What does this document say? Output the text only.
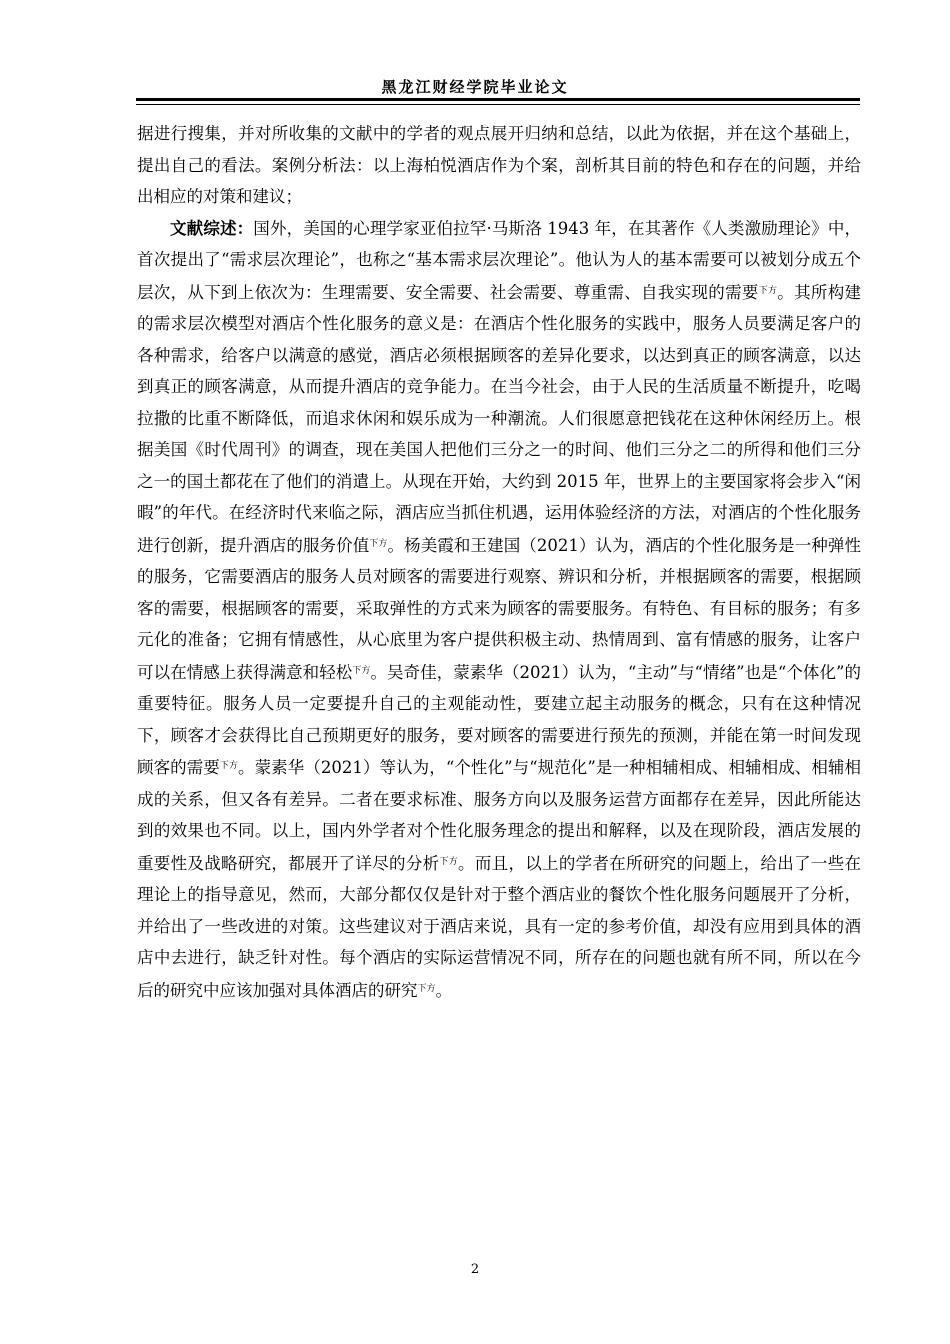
黑龙江财经学院毕业论文

据进行搜集，并对所收集的文献中的学者的观点展开归纳和总结，以此为依据，并在这个基础上，提出自己的看法。案例分析法：以上海柏悦酒店作为个案，剖析其目前的特色和存在的问题，并给出相应的对策和建议；

文献综述：国外，美国的心理学家亚伯拉罕·马斯洛 1943 年，在其著作《人类激励理论》中，首次提出了“需求层次理论”，也称之“基本需求层次理论”。他认为人的基本需要可以被划分成五个层次，从下到上依次为：生理需要、安全需要、社会需要、尊重需、自我实现的需要$^{下方}$。其所构建的需求层次模型对酒店个性化服务的意义是：在酒店个性化服务的实践中，服务人员要满足客户的各种需求，给客户以满意的感觉，酒店必须根据顾客的差异化要求，以达到真正的顾客满意，以达到真正的顾客满意，从而提升酒店的竞争能力。在当今社会，由于人民的生活质量不断提升，吃喝拉撒的比重不断降低，而追求休闲和娱乐成为一种潮流。人们很愿意把钱花在这种休闲经历上。根据美国《时代周刊》的调查，现在美国人把他们三分之一的时间、他们三分之二的所得和他们三分之一的国土都花在了他们的消遣上。从现在开始，大约到 2015 年，世界上的主要国家将会步入“闲暇”的年代。在经济时代来临之际，酒店应当抓住机遇，运用体验经济的方法，对酒店的个性化服务进行创新，提升酒店的服务价值$^{下方}$。杨美霞和王建国（2021）认为，酒店的个性化服务是一种弹性的服务，它需要酒店的服务人员对顾客的需要进行观察、辨识和分析，并根据顾客的需要，根据顾客的需要，根据顾客的需要，采取弹性的方式来为顾客的需要服务。有特色、有目标的服务；有多元化的准备；它拥有情感性，从心底里为客户提供积极主动、热情周到、富有情感的服务，让客户可以在情感上获得满意和轻松$^{下方}$。吴奇佳，蒙素华（2021）认为，“主动”与“情绪”也是“个体化”的重要特征。服务人员一定要提升自己的主观能动性，要建立起主动服务的概念，只有在这种情况下，顾客才会获得比自己预期更好的服务，要对顾客的需要进行预先的预测，并能在第一时间发现顾客的需要$^{下方}$。蒙素华（2021）等认为，“个性化”与“规范化”是一种相辅相成、相辅相成、相辅相成的关系，但又各有差异。二者在要求标准、服务方向以及服务运营方面都存在差异，因此所能达到的效果也不同。以上，国内外学者对个性化服务理念的提出和解释，以及在现阶段，酒店发展的重要性及战略研究，都展开了详尽的分析$^{下方}$。而且，以上的学者在所研究的问题上，给出了一些在理论上的指导意见，然而，大部分都仅仅是针对于整个酒店业的餐饮个性化服务问题展开了分析，并给出了一些改进的对策。这些建议对于酒店来说，具有一定的参考价值，却没有应用到具体的酒店中去进行，缺乏针对性。每个酒店的实际运营情况不同，所存在的问题也就有所不同，所以在今后的研究中应该加强对具体酒店的研究$^{下方}$。

2
